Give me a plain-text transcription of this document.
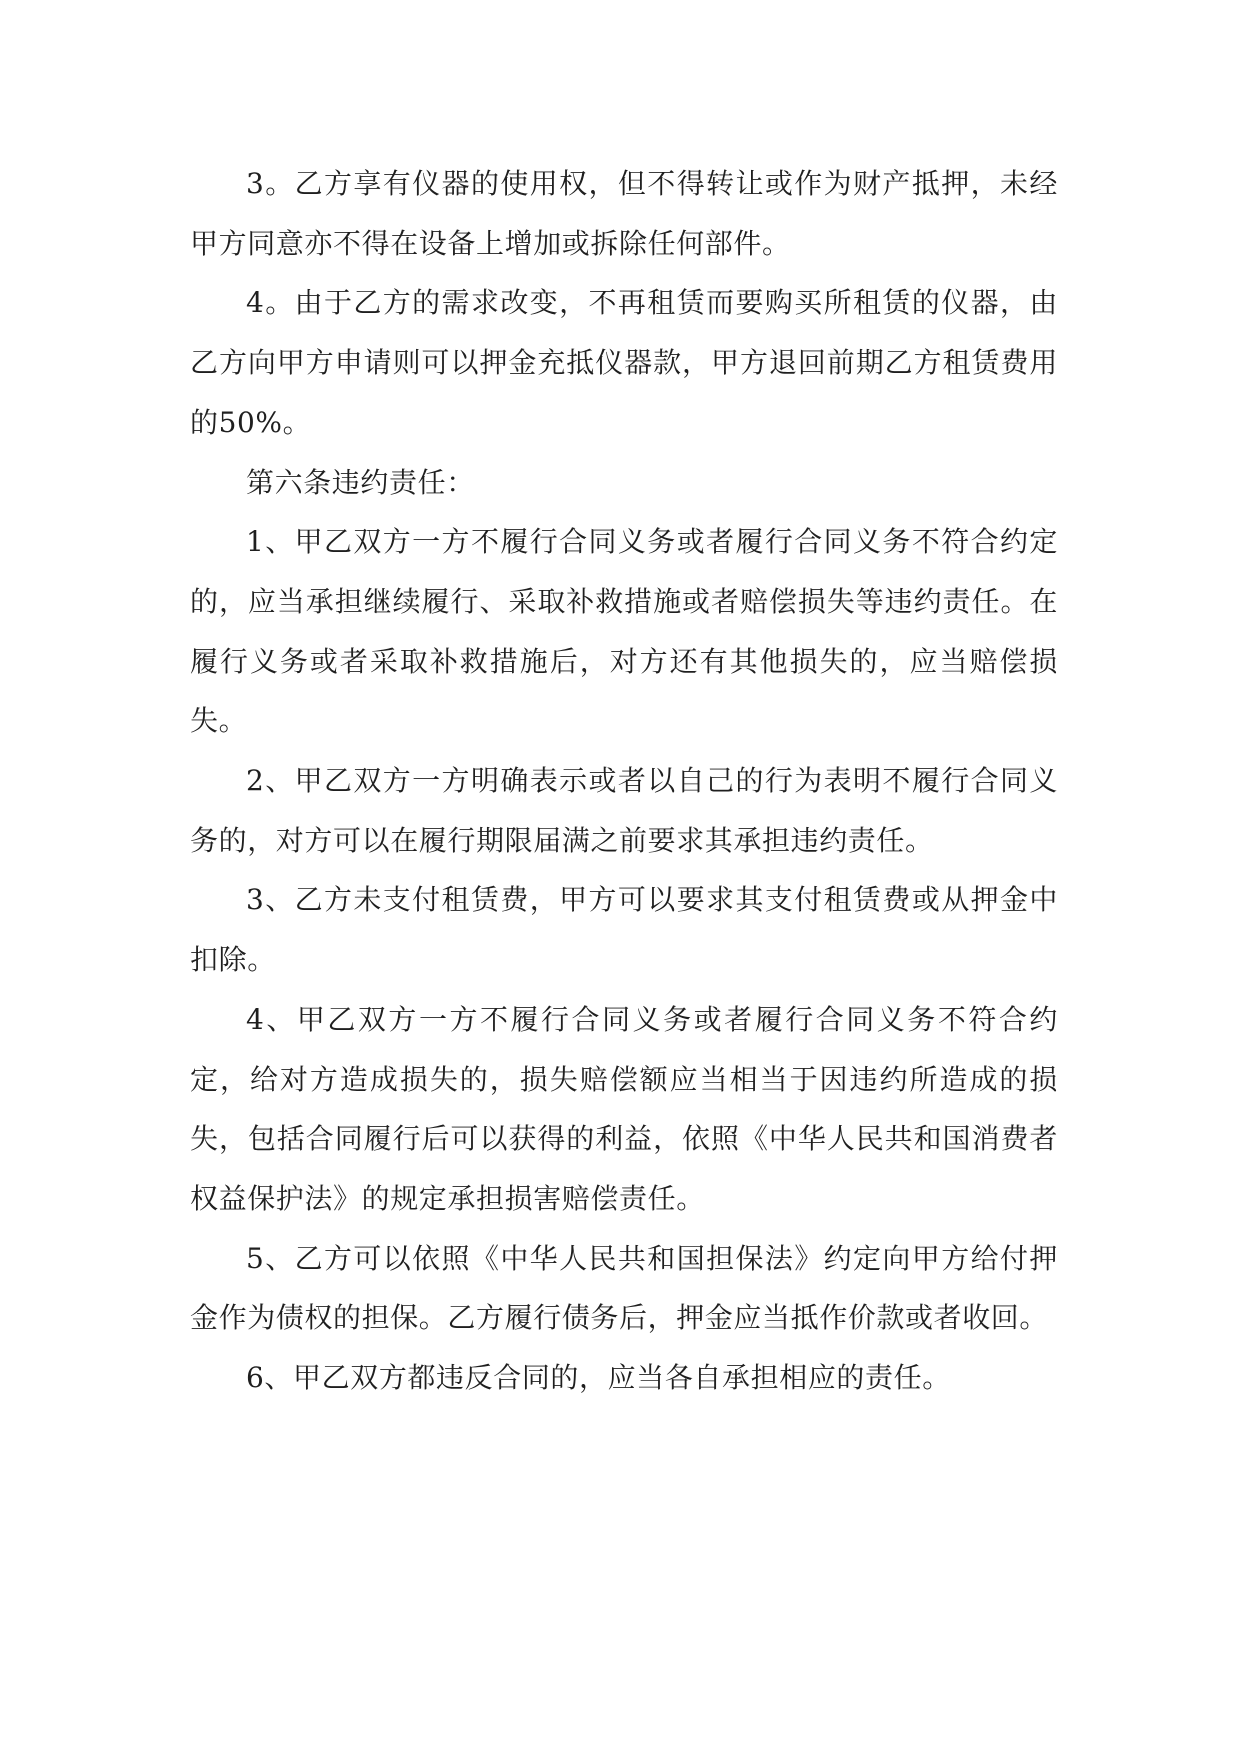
3。乙方享有仪器的使用权，但不得转让或作为财产抵押，未经甲方同意亦不得在设备上增加或拆除任何部件。

4。由于乙方的需求改变，不再租赁而要购买所租赁的仪器，由乙方向甲方申请则可以押金充抵仪器款，甲方退回前期乙方租赁费用的50%。

第六条违约责任：

1、甲乙双方一方不履行合同义务或者履行合同义务不符合约定的，应当承担继续履行、采取补救措施或者赔偿损失等违约责任。在履行义务或者采取补救措施后，对方还有其他损失的，应当赔偿损失。

2、甲乙双方一方明确表示或者以自己的行为表明不履行合同义务的，对方可以在履行期限届满之前要求其承担违约责任。

3、乙方未支付租赁费，甲方可以要求其支付租赁费或从押金中扣除。

4、甲乙双方一方不履行合同义务或者履行合同义务不符合约定，给对方造成损失的，损失赔偿额应当相当于因违约所造成的损失，包括合同履行后可以获得的利益，依照《中华人民共和国消费者权益保护法》的规定承担损害赔偿责任。

5、乙方可以依照《中华人民共和国担保法》约定向甲方给付押金作为债权的担保。乙方履行债务后，押金应当抵作价款或者收回。

6、甲乙双方都违反合同的，应当各自承担相应的责任。
